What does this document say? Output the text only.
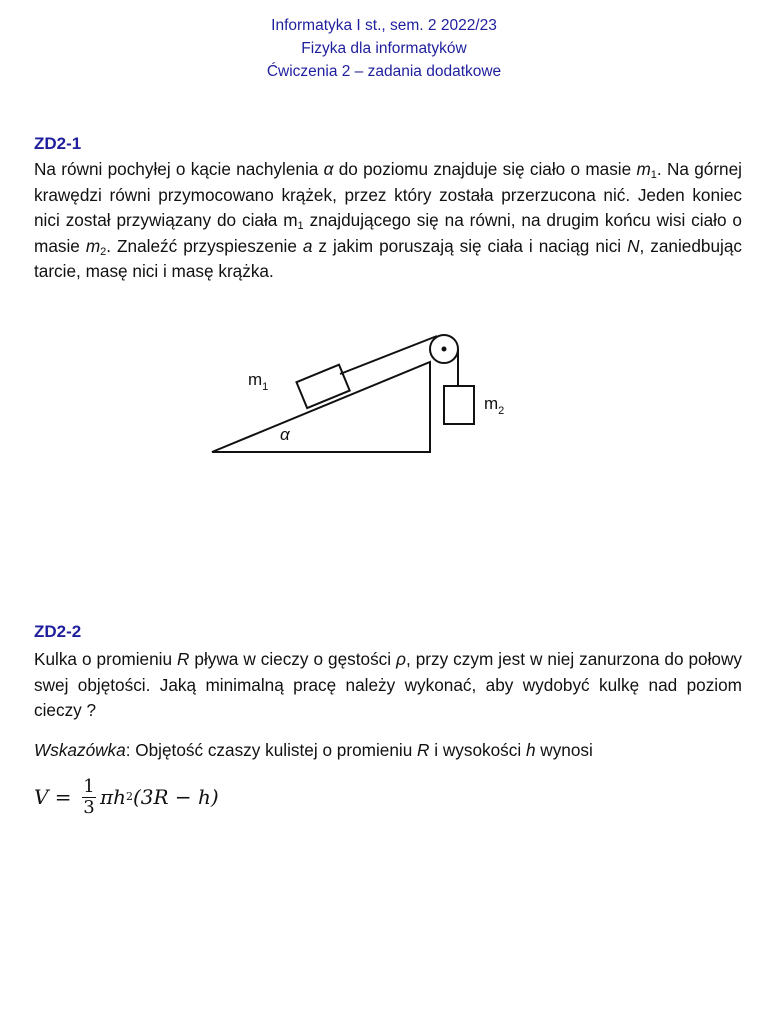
Informatyka I st., sem. 2 2022/23
Fizyka dla informatyków
Ćwiczenia 2 – zadania dodatkowe
ZD2-1
Na równi pochyłej o kącie nachylenia α do poziomu znajduje się ciało o masie $m_1$. Na górnej krawędzi równi przymocowano krążek, przez który została przerzucona nić. Jeden koniec nici został przywiązany do ciała $m_1$ znajdującego się na równi, na drugim końcu wisi ciało o masie $m_2$. Znaleźć przyspieszenie a z jakim poruszają się ciała i naciąg nici N, zaniedbując tarcie, masę nici i masę krążka.
$m_1$
$m_2$
α
ZD2-2
Kulka o promieniu R pływa w cieczy o gęstości ρ, przy czym jest w niej zanurzona do połowy swej objętości. Jaką minimalną pracę należy wykonać, aby wydobyć kulkę nad poziom cieczy ?
Wskazówka: Objętość czaszy kulistej o promieniu R i wysokości h wynosi
$V = \frac{1}{3}$ πh 2 (3R − h)
